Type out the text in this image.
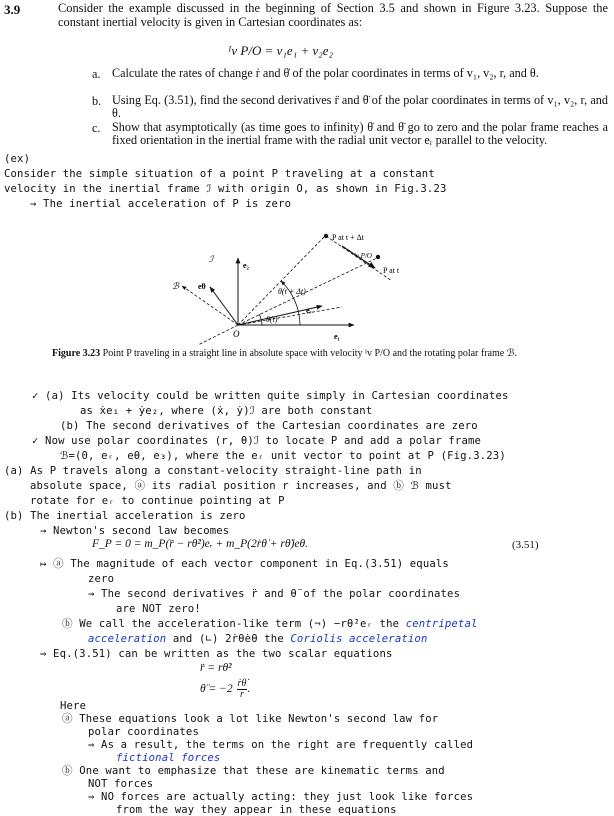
3.9	Consider the example discussed in the beginning of Section 3.5 and shown in Figure 3.23. Suppose the constant inertial velocity is given in Cartesian coordinates as:
ᴵv P/O = v₁e₁ + v₂e₂
a. Calculate the rates of change ṙ and θ̇ of the polar coordinates in terms of v₁, v₂, r, and θ.
b. Using Eq. (3.51), find the second derivatives r̈ and θ̈ of the polar coordinates in terms of v₁, v₂, r, and θ.
c. Show that asymptotically (as time goes to infinity) θ̇ and θ̈ go to zero and the polar frame reaches a fixed orientation in the inertial frame with the radial unit vector eᵣ parallel to the velocity.
(ex)
Consider the simple situation of a point P traveling at a constant
velocity in the inertial frame ℐ with origin O, as shown in Fig.3.23
→ The inertial acceleration of P is zero
P at t + Δt
P at t
ᴵv P/O
ℐ
e₂
ℬ eθ
θ(t + Δt)
eᵣ
θ(t)
O	e₁
Figure 3.23 Point P traveling in a straight line in absolute space with velocity ᴵv P/O and the rotating polar frame ℬ.
✓ (a) Its velocity could be written quite simply in Cartesian coordinates
as ẋe₁ + ẏe₂, where (ẋ, ẏ)ℐ are both constant
(b) The second derivatives of the Cartesian coordinates are zero
✓ Now use polar coordinates (r, θ)ℐ to locate P and add a polar frame
ℬ=(0, eᵣ, eθ, e₃), where the eᵣ unit vector to point at P (Fig.3.23)
(a) As P travels along a constant-velocity straight-line path in
absolute space, ⓐ its radial position r increases, and ⓑ ℬ must
rotate for eᵣ to continue pointing at P
(b) The inertial acceleration is zero
→ Newton's second law becomes
F_P = 0 = m_P(r̈ − rθ̇²)eᵣ + m_P(2ṙθ̇ + rθ̈)eθ.	(3.51)
↦ ⓐ The magnitude of each vector component in Eq.(3.51) equals
zero
→ The second derivatives r̈ and θ̈ of the polar coordinates
are NOT zero!
ⓑ We call the acceleration-like term (¬) −rθ̇²eᵣ the centripetal
acceleration and (∟) 2ṙθ̇eθ the Coriolis acceleration
⇒ Eq.(3.51) can be written as the two scalar equations
r̈ = rθ̇²
θ̈ = $-2 \frac{\text{ṙθ̇}}{r}$ .
Here
ⓐ These equations look a lot like Newton's second law for
polar coordinates
⇒ As a result, the terms on the right are frequently called
fictional forces
ⓑ One want to emphasize that these are kinematic terms and
NOT forces
⇒ NO forces are actually acting: they just look like forces
from the way they appear in these equations
